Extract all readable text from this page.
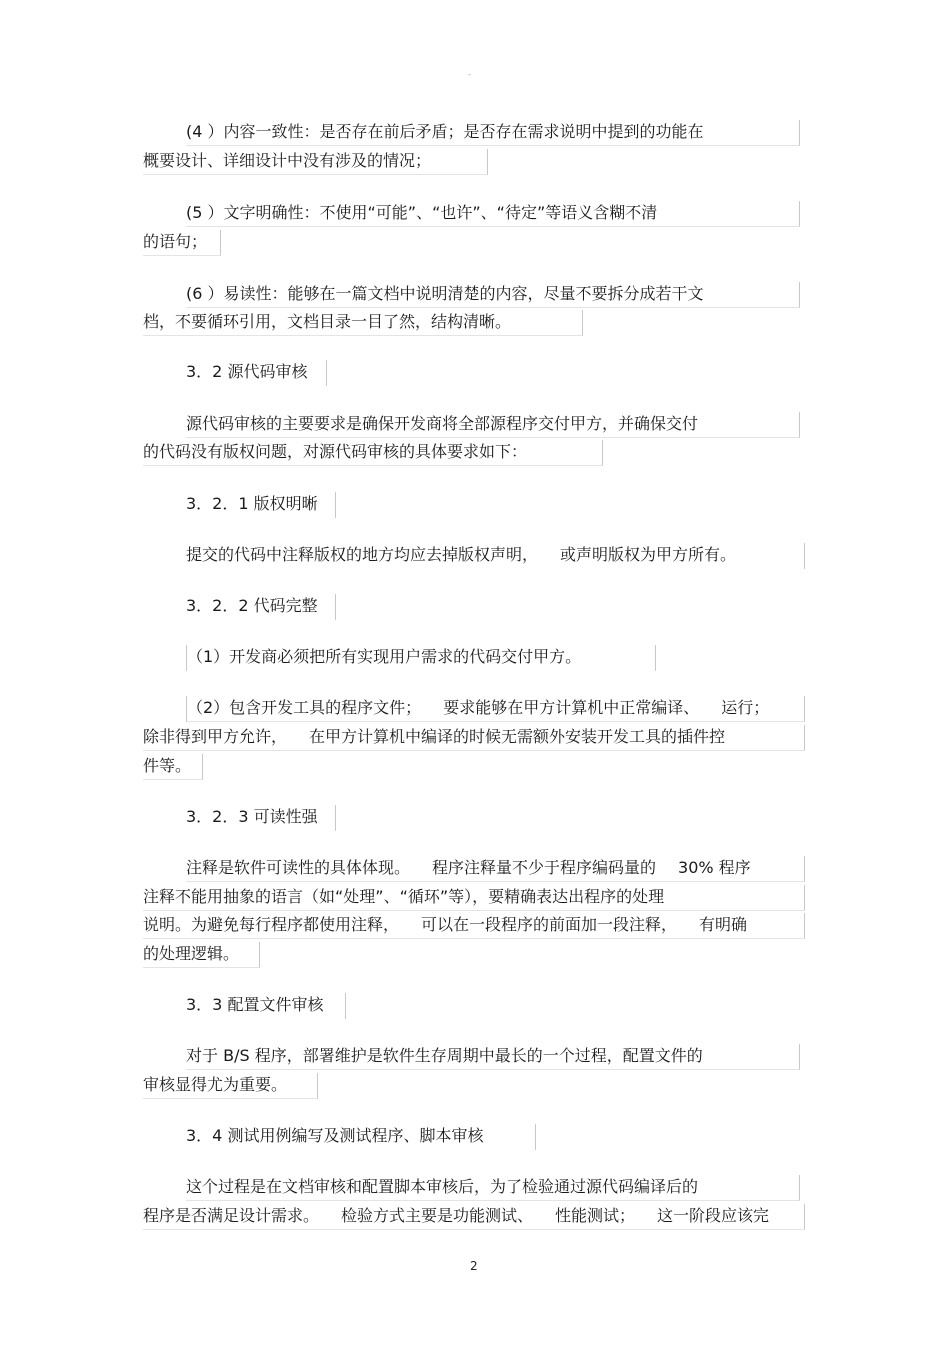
-
(4 ）内容一致性：是否存在前后矛盾；是否存在需求说明中提到的功能在
概要设计、详细设计中没有涉及的情况；
(5 ）文字明确性：不使用“可能”、“也许”、“待定”等语义含糊不清
的语句；
(6 ）易读性：能够在一篇文档中说明清楚的内容，尽量不要拆分成若干文
档，不要循环引用，文档目录一目了然，结构清晰。
3．2 源代码审核
源代码审核的主要要求是确保开发商将全部源程序交付甲方，并确保交付
的代码没有版权问题，对源代码审核的具体要求如下：
3．2．1 版权明晰
提交的代码中注释版权的地方均应去掉版权声明， 或声明版权为甲方所有。
3．2．2 代码完整
（1）开发商必须把所有实现用户需求的代码交付甲方。
（2）包含开发工具的程序文件； 要求能够在甲方计算机中正常编译、 运行；
除非得到甲方允许， 在甲方计算机中编译的时候无需额外安装开发工具的插件控
件等。
3．2．3 可读性强
注释是软件可读性的具体体现。 程序注释量不少于程序编码量的 30% 程序
注释不能用抽象的语言（如“处理”、“循环”等），要精确表达出程序的处理
说明。为避免每行程序都使用注释， 可以在一段程序的前面加一段注释， 有明确
的处理逻辑。
3．3 配置文件审核
对于 B/S 程序，部署维护是软件生存周期中最长的一个过程，配置文件的
审核显得尤为重要。
3．4 测试用例编写及测试程序、脚本审核
这个过程是在文档审核和配置脚本审核后，为了检验通过源代码编译后的
程序是否满足设计需求。 检验方式主要是功能测试、 性能测试； 这一阶段应该完
2
